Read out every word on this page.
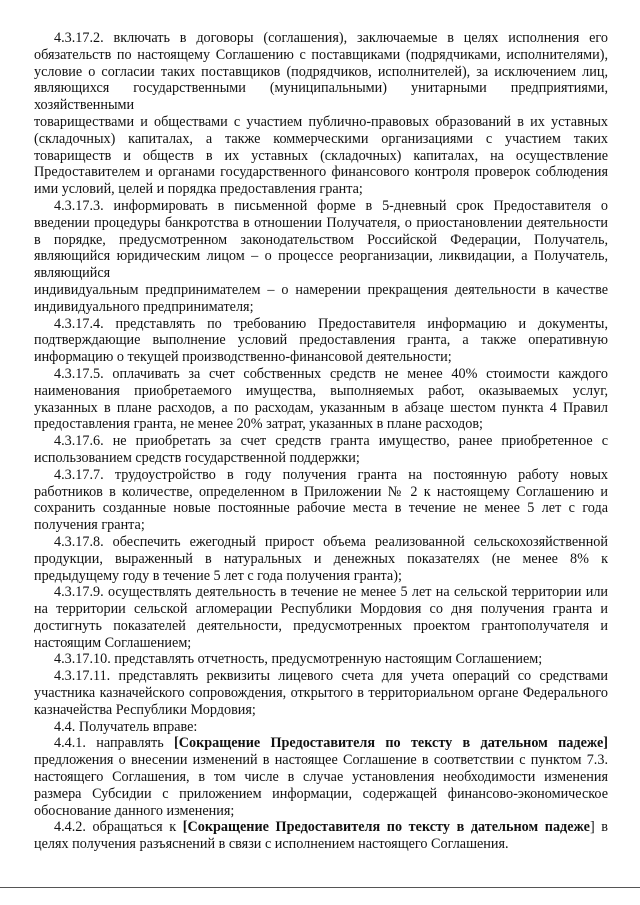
4.3.17.2. включать в договоры (соглашения), заключаемые в целях исполнения его обязательств по настоящему Соглашению с поставщиками (подрядчиками, исполнителями), условие о согласии таких поставщиков (подрядчиков, исполнителей), за исключением лиц, являющихся государственными (муниципальными) унитарными предприятиями, хозяйственными
товариществами и обществами с участием публично-правовых образований в их уставных (складочных) капиталах, а также коммерческими организациями с участием таких товариществ и обществ в их уставных (складочных) капиталах, на осуществление Предоставителем и органами государственного финансового контроля проверок соблюдения ими условий, целей и порядка предоставления гранта;
4.3.17.3. информировать в письменной форме в 5-дневный срок Предоставителя о введении процедуры банкротства в отношении Получателя, о приостановлении деятельности в порядке, предусмотренном законодательством Российской Федерации, Получатель, являющийся юридическим лицом – о процессе реорганизации, ликвидации, а Получатель, являющийся
индивидуальным предпринимателем – о намерении прекращения деятельности в качестве индивидуального предпринимателя;
4.3.17.4. представлять по требованию Предоставителя информацию и документы, подтверждающие выполнение условий предоставления гранта, а также оперативную информацию о текущей производственно-финансовой деятельности;
4.3.17.5. оплачивать за счет собственных средств не менее 40% стоимости каждого наименования приобретаемого имущества, выполняемых работ, оказываемых услуг, указанных в плане расходов, а по расходам, указанным в абзаце шестом пункта 4 Правил предоставления гранта, не менее 20% затрат, указанных в плане расходов;
4.3.17.6. не приобретать за счет средств гранта имущество, ранее приобретенное с использованием средств государственной поддержки;
4.3.17.7. трудоустройство в году получения гранта на постоянную работу новых работников в количестве, определенном в Приложении № 2 к настоящему Соглашению и сохранить созданные новые постоянные рабочие места в течение не менее 5 лет с года получения гранта;
4.3.17.8. обеспечить ежегодный прирост объема реализованной сельскохозяйственной продукции, выраженный в натуральных и денежных показателях (не менее 8% к предыдущему году в течение 5 лет с года получения гранта);
4.3.17.9. осуществлять деятельность в течение не менее 5 лет на сельской территории или на территории сельской агломерации Республики Мордовия со дня получения гранта и достигнуть показателей деятельности, предусмотренных проектом грантополучателя и настоящим Соглашением;
4.3.17.10. представлять отчетность, предусмотренную настоящим Соглашением;
4.3.17.11. представлять реквизиты лицевого счета для учета операций со средствами участника казначейского сопровождения, открытого в территориальном органе Федерального казначейства Республики Мордовия;
4.4. Получатель вправе:
4.4.1. направлять [Сокращение Предоставителя по тексту в дательном падеже] предложения о внесении изменений в настоящее Соглашение в соответствии с пунктом 7.3. настоящего Соглашения, в том числе в случае установления необходимости изменения размера Субсидии с приложением информации, содержащей финансово-экономическое обоснование данного изменения;
4.4.2. обращаться к [Сокращение Предоставителя по тексту в дательном падеже] в целях получения разъяснений в связи с исполнением настоящего Соглашения.
